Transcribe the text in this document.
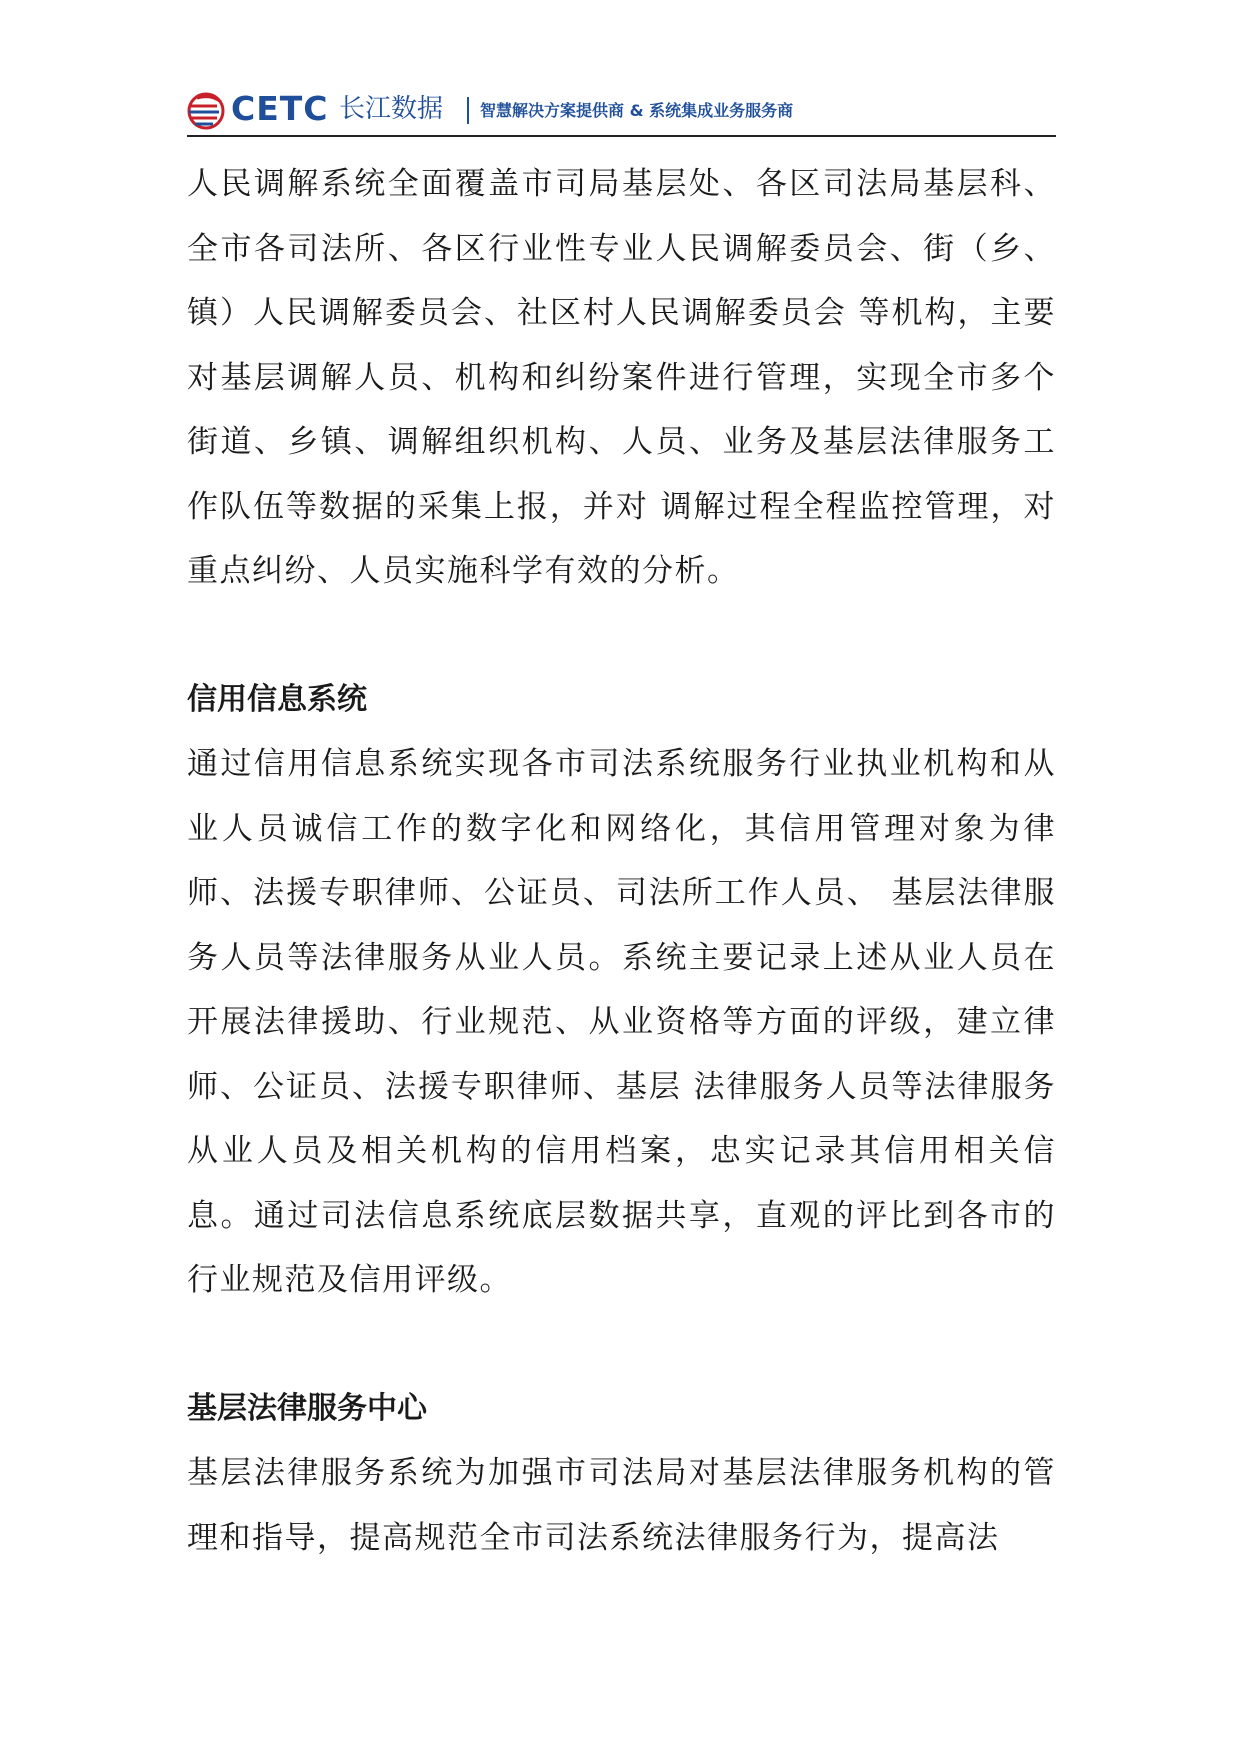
CETC 长江数据 智慧解决方案提供商 & 系统集成业务服务商

人民调解系统全面覆盖市司局基层处、各区司法局基层科、全市各司法所、各区行业性专业人民调解委员会、街（乡、镇）人民调解委员会、社区村人民调解委员会 等机构，主要对基层调解人员、机构和纠纷案件进行管理，实现全市多个街道、乡镇、调解组织机构、人员、业务及基层法律服务工作队伍等数据的采集上报，并对 调解过程全程监控管理，对重点纠纷、人员实施科学有效的分析。

信用信息系统

通过信用信息系统实现各市司法系统服务行业执业机构和从业人员诚信工作的数字化和网络化，其信用管理对象为律师、法援专职律师、公证员、司法所工作人员、 基层法律服务人员等法律服务从业人员。系统主要记录上述从业人员在开展法律援助、行业规范、从业资格等方面的评级，建立律师、公证员、法援专职律师、基层 法律服务人员等法律服务从业人员及相关机构的信用档案，忠实记录其信用相关信息。通过司法信息系统底层数据共享，直观的评比到各市的行业规范及信用评级。

基层法律服务中心

基层法律服务系统为加强市司法局对基层法律服务机构的管理和指导，提高规范全市司法系统法律服务行为，提高法
